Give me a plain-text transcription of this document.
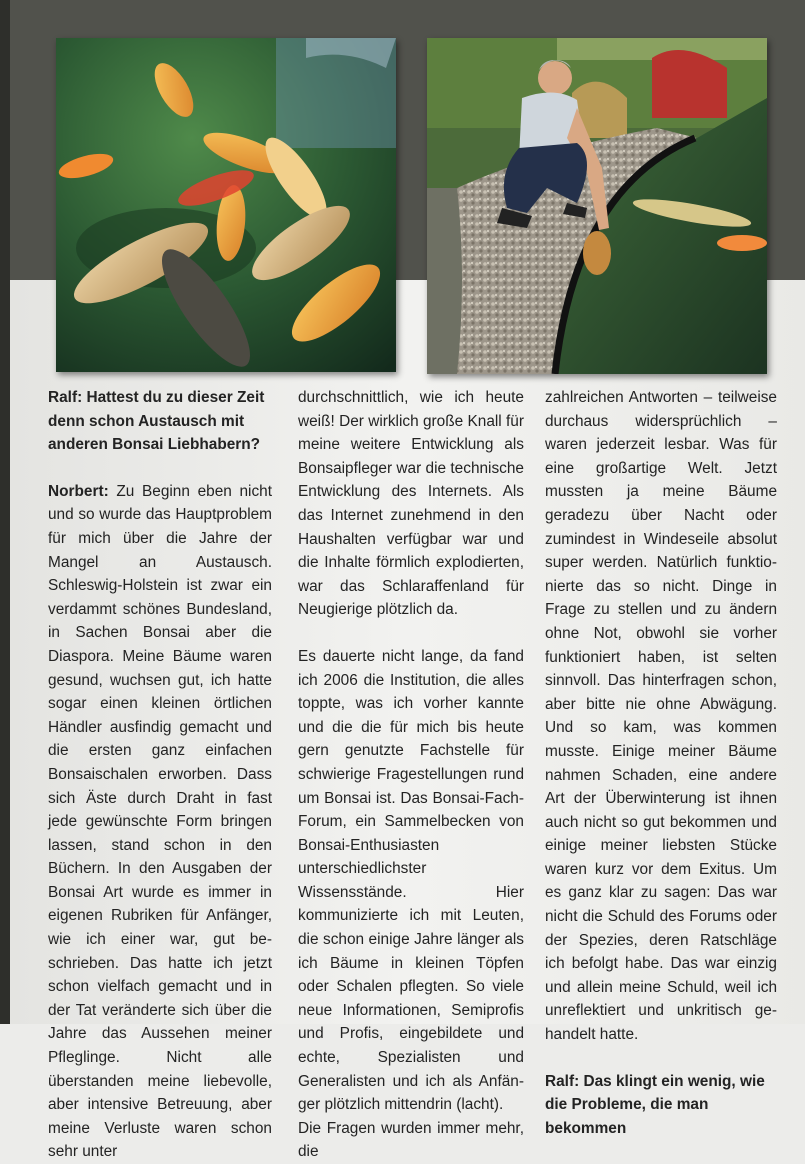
Ralf: Hattest du zu dieser Zeit denn schon Austausch mit anderen Bonsai Liebhabern?

Norbert: Zu Beginn eben nicht und so wurde das Hauptproblem für mich über die Jahre der Mangel an Austausch. Schleswig-Holstein ist zwar ein verdammt schönes Bundesland, in Sachen Bonsai aber die Diaspora. Meine Bäume waren gesund, wuchsen gut, ich hatte sogar einen kleinen örtlichen Händler ausfindig gemacht und die ersten ganz einfachen Bonsaischalen erworben. Dass sich Äste durch Draht in fast jede gewünschte Form bringen lassen, stand schon in den Büchern. In den Ausgaben der Bonsai Art wurde es immer in eigenen Rubriken für Anfänger, wie ich einer war, gut beschrieben. Das hatte ich jetzt schon vielfach gemacht und in der Tat veränderte sich über die Jahre das Aussehen meiner Pfleglinge. Nicht alle überstanden meine liebevolle, aber intensive Betreuung, aber meine Verluste waren schon sehr unter

durchschnittlich, wie ich heute weiß! Der wirklich große Knall für meine weitere Entwicklung als Bonsaipfleger war die technische Entwicklung des Internets. Als das Internet zunehmend in den Haushalten verfügbar war und die Inhalte förmlich explodierten, war das Schlaraffenland für Neugierige plötzlich da.

Es dauerte nicht lange, da fand ich 2006 die Institution, die alles toppte, was ich vorher kannte und die die für mich bis heute gern genutzte Fachstelle für schwierige Fragestellungen rund um Bonsai ist. Das Bonsai-Fach-Forum, ein Sammelbecken von Bonsai-Enthusiasten unterschiedlichster Wissensstände. Hier kommunizierte ich mit Leuten, die schon einige Jahre länger als ich Bäume in kleinen Töpfen oder Schalen pflegten. So viele neue Informationen, Semiprofis und Profis, eingebildete und echte, Spezialisten und Generalisten und ich als Anfänger plötzlich mittendrin (lacht).

Die Fragen wurden immer mehr, die

zahlreichen Antworten – teilweise durchaus widersprüchlich – waren jederzeit lesbar. Was für eine großartige Welt. Jetzt mussten ja meine Bäume geradezu über Nacht oder zumindest in Windeseile absolut super werden. Natürlich funktionierte das so nicht. Dinge in Frage zu stellen und zu ändern ohne Not, obwohl sie vorher funktioniert haben, ist selten sinnvoll. Das hinterfragen schon, aber bitte nie ohne Abwägung. Und so kam, was kommen musste. Einige meiner Bäume nahmen Schaden, eine andere Art der Überwinterung ist ihnen auch nicht so gut bekommen und einige meiner liebsten Stücke waren kurz vor dem Exitus. Um es ganz klar zu sagen: Das war nicht die Schuld des Forums oder der Spezies, deren Ratschläge ich befolgt habe. Das war einzig und allein meine Schuld, weil ich unreflektiert und unkritisch gehandelt hatte.

Ralf: Das klingt ein wenig, wie die Probleme, die man bekommen
